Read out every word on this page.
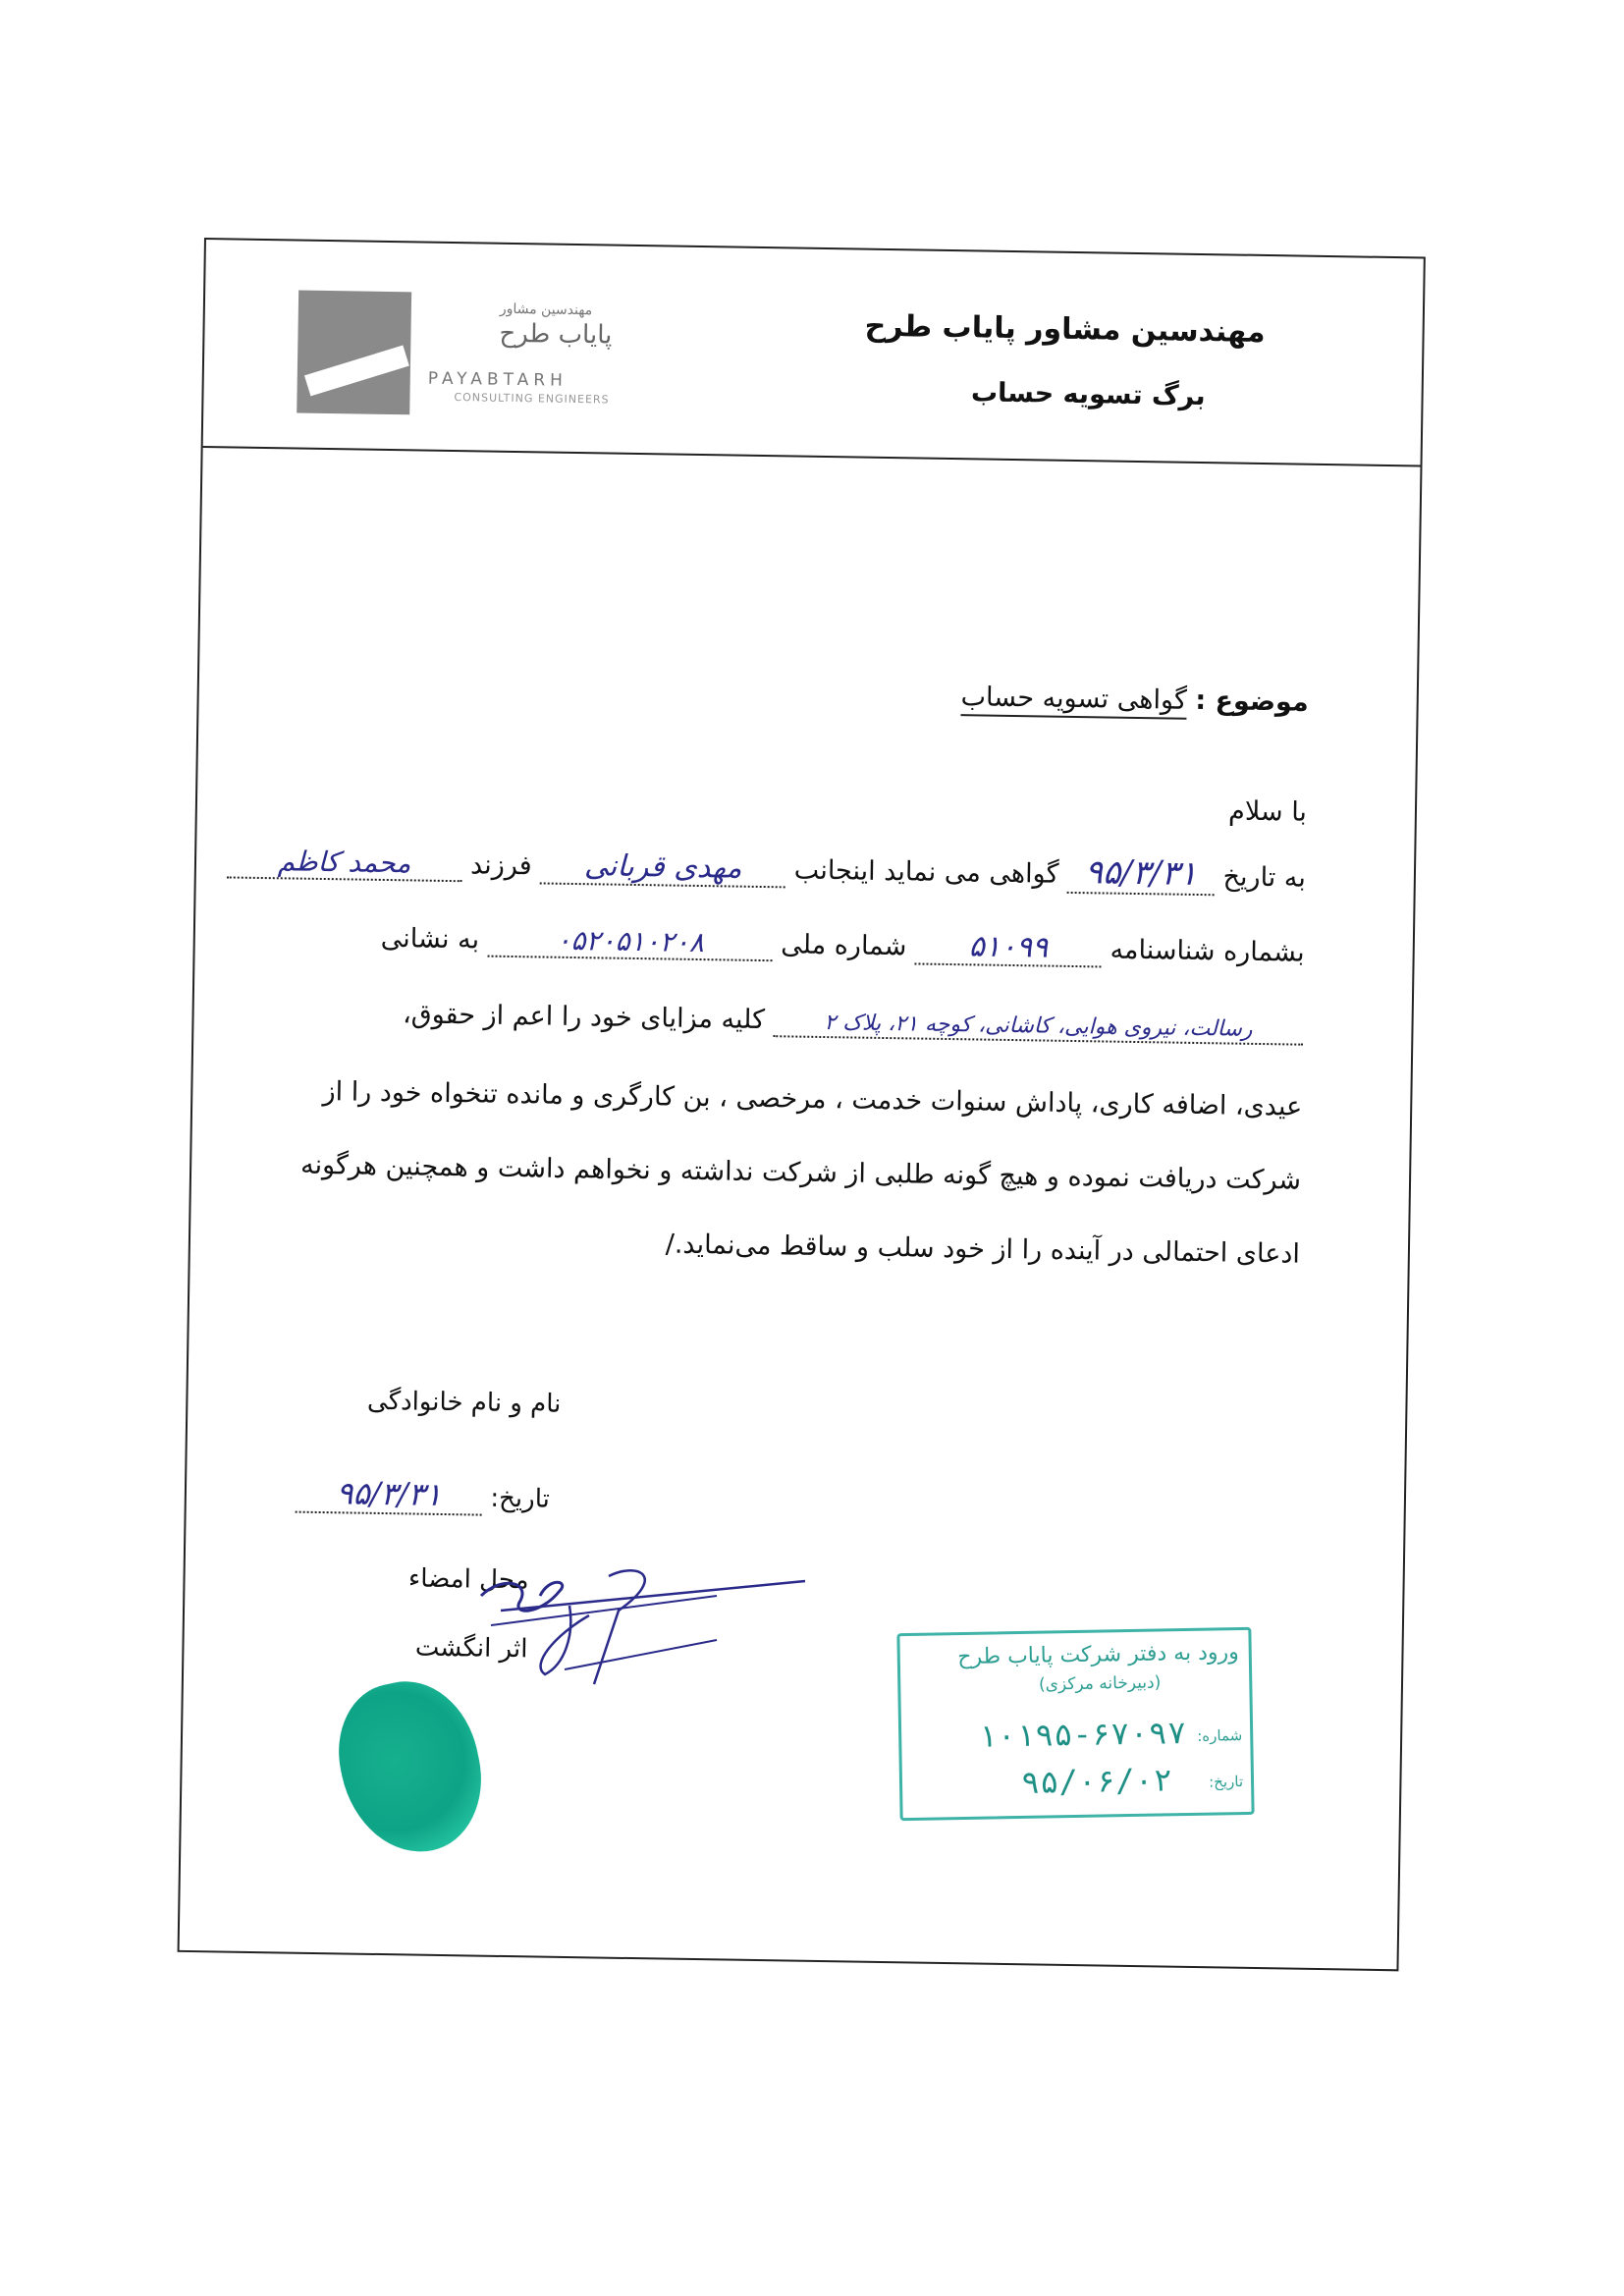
مهندسین مشاور
پایاب طرح
PAYABTARH
CONSULTING ENGINEERS
مهندسین مشاور پایاب طرح
برگ تسویه حساب
موضوع : گواهی تسویه حساب
با سلام
به تاریخ ۹۵/۳/۳۱ گواهی می نماید اینجانب مهدی قربانی فرزند محمد کاظم
بشماره شناسنامه ۵۱۰۹۹ شماره ملی ۰۵۲۰۵۱۰۲۰۸ به نشانی
رسالت، نیروی هوایی، کاشانی، کوچه ۲۱، پلاک ۲ کلیه مزایای خود را اعم از حقوق،
عیدی، اضافه کاری، پاداش سنوات خدمت ، مرخصی ، بن کارگری و مانده تنخواه خود را از
شرکت دریافت نموده و هیچ گونه طلبی از شرکت نداشته و نخواهم داشت و همچنین هرگونه
ادعای احتمالی در آینده را از خود سلب و ساقط می‌نماید./
نام و نام خانوادگی
تاریخ: ۹۵/۳/۳۱
محل امضاء
اثر انگشت	ورود به دفتر شرکت پایاب طرح
(دبیرخانه مرکزی)
شماره:
۱۰۱۹۵-۶۷۰۹۷
تاریخ:
۹۵/۰۶/۰۲
